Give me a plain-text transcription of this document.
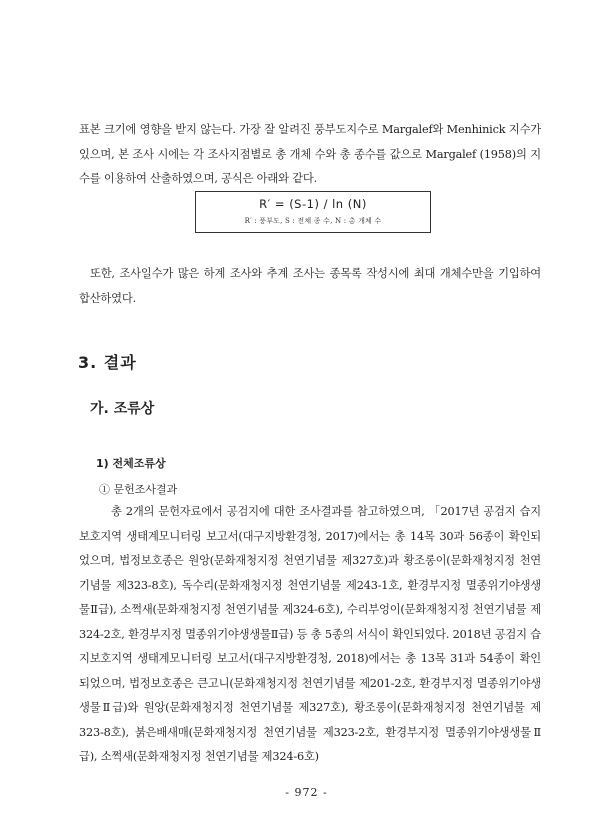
표본 크기에 영향을 받지 않는다. 가장 잘 알려진 풍부도지수로 Margalef와 Menhinick 지수가 있으며, 본 조사 시에는 각 조사지점별로 총 개체 수와 총 종수를 값으로 Margalef (1958)의 지수를 이용하여 산출하였으며, 공식은 아래와 같다.
R′ = (S-1) / ln (N)
R′ : 풍부도, S : 전체 종 수, N : 총 개체 수
또한, 조사일수가 많은 하계 조사와 추계 조사는 종목록 작성시에 최대 개체수만을 기입하여 합산하였다.
3. 결과
가. 조류상
1) 전체조류상
① 문헌조사결과
총 2개의 문헌자료에서 공검지에 대한 조사결과를 참고하였으며, 「2017년 공검지 습지보호지역 생태계모니터링 보고서(대구지방환경청, 2017)에서는 총 14목 30과 56종이 확인되었으며, 법정보호종은 원앙(문화재청지정 천연기념물 제327호)과 황조롱이(문화재청지정 천연기념물 제323-8호), 독수리(문화재청지정 천연기념물 제243-1호, 환경부지정 멸종위기야생생물Ⅱ급), 소쩍새(문화재청지정 천연기념물 제324-6호), 수리부엉이(문화재청지정 천연기념물 제324-2호, 환경부지정 멸종위기야생생물Ⅱ급) 등 총 5종의 서식이 확인되었다. 2018년 공검지 습지보호지역 생태계모니터링 보고서(대구지방환경청, 2018)에서는 총 13목 31과 54종이 확인되었으며, 법정보호종은 큰고니(문화재청지정 천연기념물 제201-2호, 환경부지정 멸종위기야생생물Ⅱ급)와 원앙(문화재청지정 천연기념물 제327호), 황조롱이(문화재청지정 천연기념물 제323-8호), 붉은배새매(문화재청지정 천연기념물 제323-2호, 환경부지정 멸종위기야생생물Ⅱ급), 소쩍새(문화재청지정 천연기념물 제324-6호)
- 972 -
